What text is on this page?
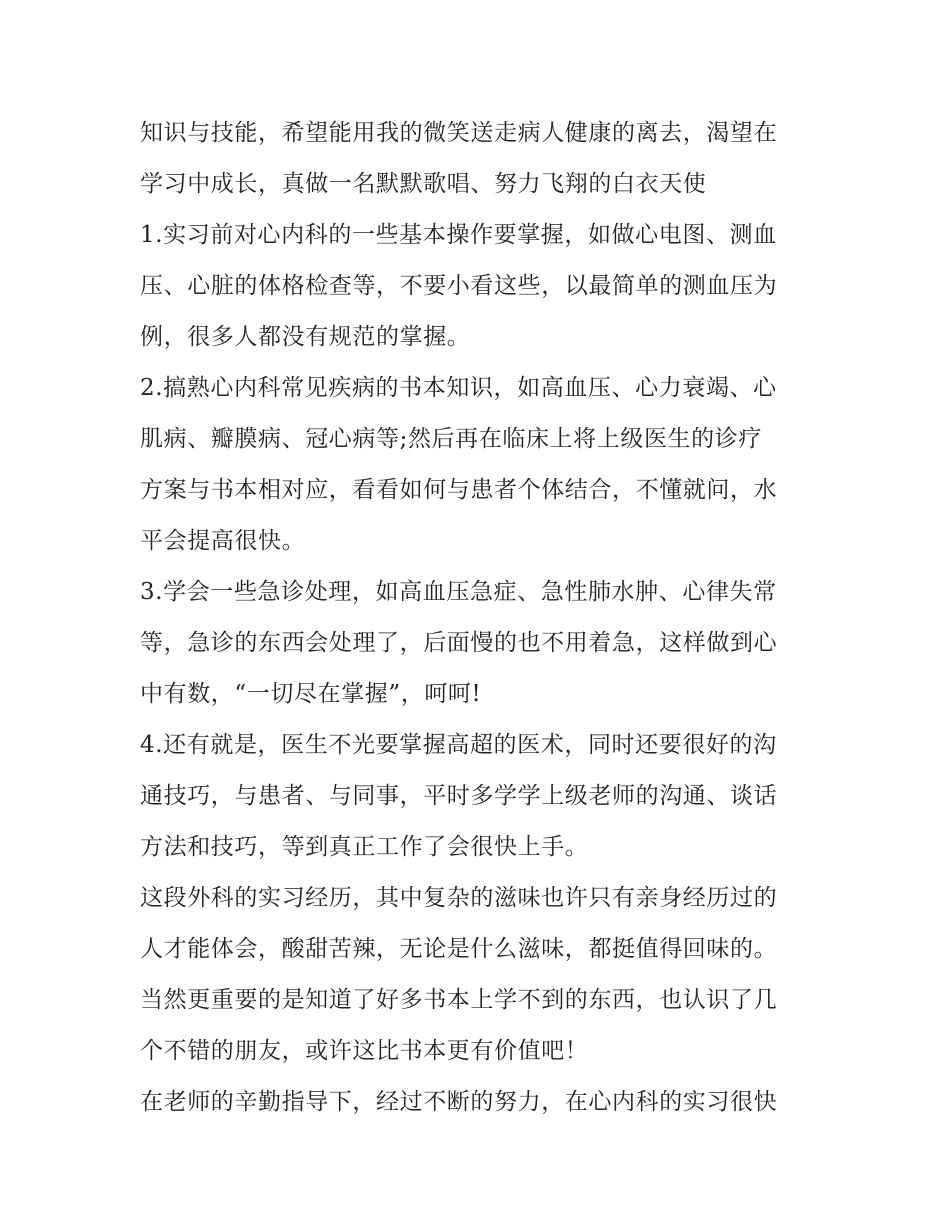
知识与技能，希望能用我的微笑送走病人健康的离去，渴望在
学习中成长，真做一名默默歌唱、努力飞翔的白衣天使
1.实习前对心内科的一些基本操作要掌握，如做心电图、测血
压、心脏的体格检查等，不要小看这些，以最简单的测血压为
例，很多人都没有规范的掌握。
2.搞熟心内科常见疾病的书本知识，如高血压、心力衰竭、心
肌病、瓣膜病、冠心病等;然后再在临床上将上级医生的诊疗
方案与书本相对应，看看如何与患者个体结合，不懂就问，水
平会提高很快。
3.学会一些急诊处理，如高血压急症、急性肺水肿、心律失常
等，急诊的东西会处理了，后面慢的也不用着急，这样做到心
中有数，“一切尽在掌握”，呵呵!
4.还有就是，医生不光要掌握高超的医术，同时还要很好的沟
通技巧，与患者、与同事，平时多学学上级老师的沟通、谈话
方法和技巧，等到真正工作了会很快上手。
这段外科的实习经历，其中复杂的滋味也许只有亲身经历过的
人才能体会，酸甜苦辣，无论是什么滋味，都挺值得回味的。
当然更重要的是知道了好多书本上学不到的东西，也认识了几
个不错的朋友，或许这比书本更有价值吧！
在老师的辛勤指导下，经过不断的努力，在心内科的实习很快
